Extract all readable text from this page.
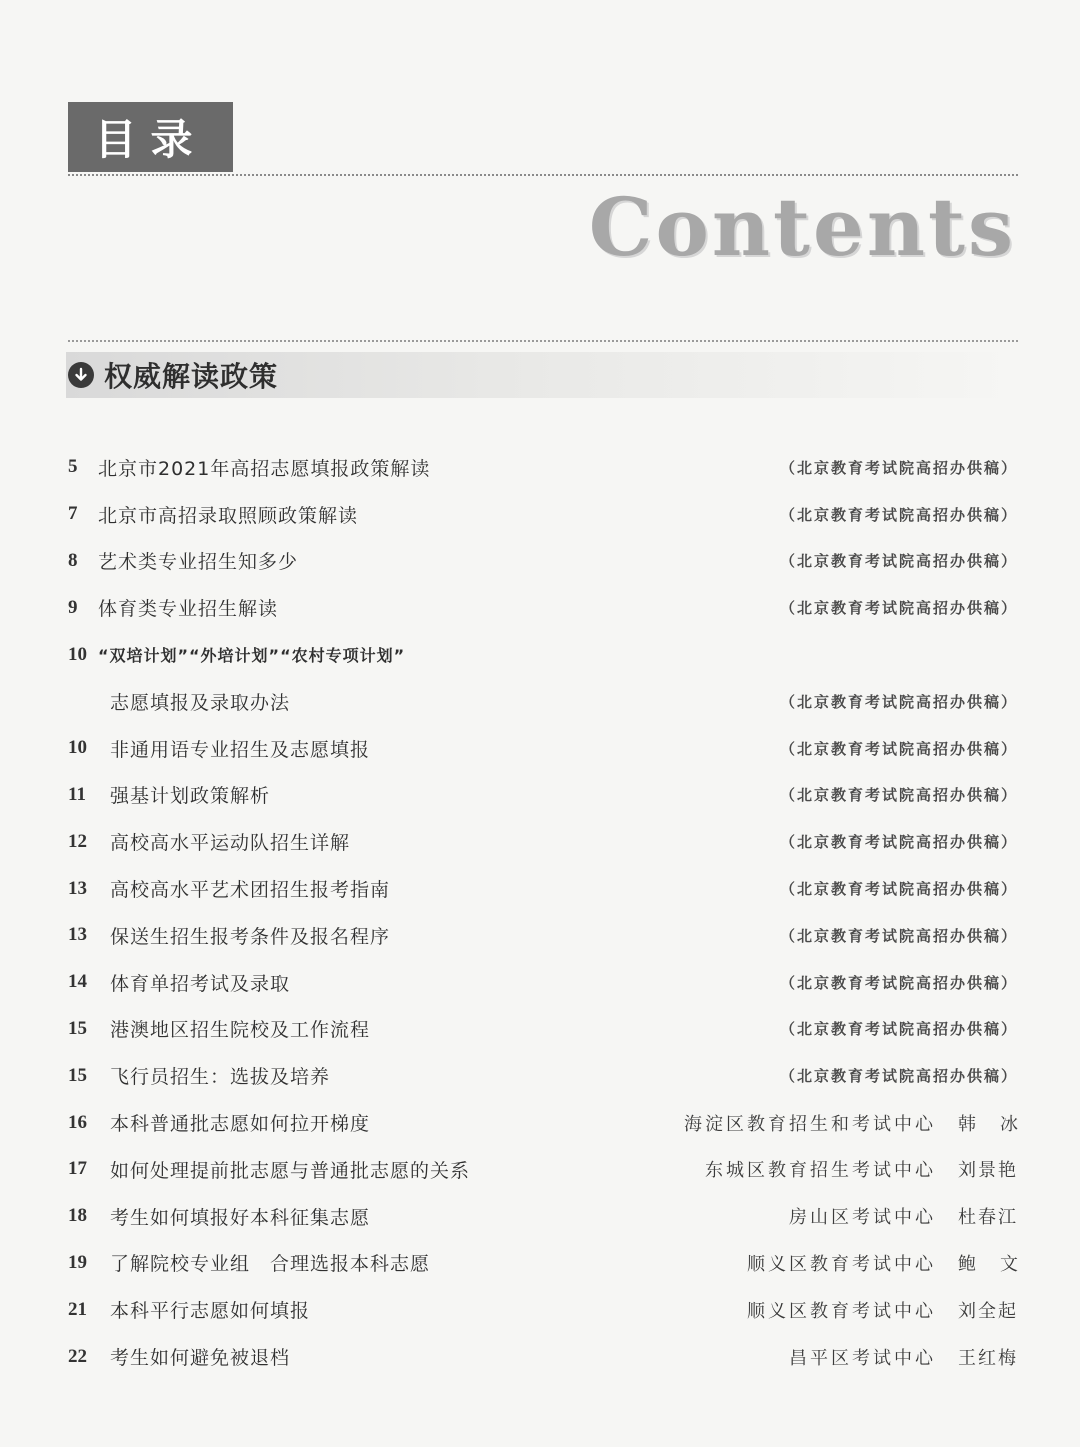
目录
Contents
权威解读政策
5	北京市2021年高招志愿填报政策解读	（北京教育考试院高招办供稿）
7	北京市高招录取照顾政策解读	（北京教育考试院高招办供稿）
8	艺术类专业招生知多少	（北京教育考试院高招办供稿）
9	体育类专业招生解读	（北京教育考试院高招办供稿）
10 “双培计划”“外培计划”“农村专项计划”
志愿填报及录取办法	（北京教育考试院高招办供稿）
10	非通用语专业招生及志愿填报	（北京教育考试院高招办供稿）
11	强基计划政策解析	（北京教育考试院高招办供稿）
12	高校高水平运动队招生详解	（北京教育考试院高招办供稿）
13	高校高水平艺术团招生报考指南	（北京教育考试院高招办供稿）
13	保送生招生报考条件及报名程序	（北京教育考试院高招办供稿）
14	体育单招考试及录取	（北京教育考试院高招办供稿）
15	港澳地区招生院校及工作流程	（北京教育考试院高招办供稿）
15	飞行员招生：选拔及培养	（北京教育考试院高招办供稿）
16	本科普通批志愿如何拉开梯度	海淀区教育招生和考试中心 韩冰
17	如何处理提前批志愿与普通批志愿的关系	东城区教育招生考试中心 刘景艳
18	考生如何填报好本科征集志愿	房山区考试中心 杜春江
19	了解院校专业组　合理选报本科志愿	顺义区教育考试中心 鲍文
21	本科平行志愿如何填报	顺义区教育考试中心 刘全起
22	考生如何避免被退档	昌平区考试中心 王红梅
